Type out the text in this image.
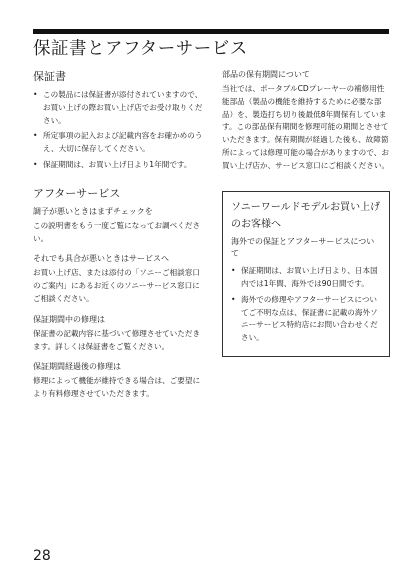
保証書とアフターサービス
保証書
• この製品には保証書が添付されていますので、お買い上げの際お買い上げ店でお受け取りください。
• 所定事項の記入および記載内容をお確かめのうえ、大切に保存してください。
• 保証期間は、お買い上げ日より1年間です。
アフターサービス
調子が悪いときはまずチェックを

この説明書をもう一度ご覧になってお調べください。

それでも具合が悪いときはサービスへ

お買い上げ店、または添付の「ソニーご相談窓口のご案内」にあるお近くのソニーサービス窓口にご相談ください。

保証期間中の修理は

保証書の記載内容に基づいて修理させていただきます。詳しくは保証書をご覧ください。

保証期間経過後の修理は

修理によって機能が維持できる場合は、ご要望により有料修理させていただきます。

部品の保有期間について

当社では、ポータブルCDプレーヤーの補修用性能部品（製品の機能を維持するために必要な部品）を、製造打ち切り後最低8年間保有しています。この部品保有期間を修理可能の期間とさせていただきます。保有期間が経過した後も、故障箇所によっては修理可能の場合がありますので、お買い上げ店か、サービス窓口にご相談ください。

ソニーワールドモデルお買い上げのお客様へ
海外での保証とアフターサービスについて
• 保証期間は、お買い上げ日より、日本国内では1年間、海外では90日間です。
• 海外での修理やアフターサービスについてご不明な点は、保証書に記載の海外ソニーサービス特約店にお問い合わせください。
28
